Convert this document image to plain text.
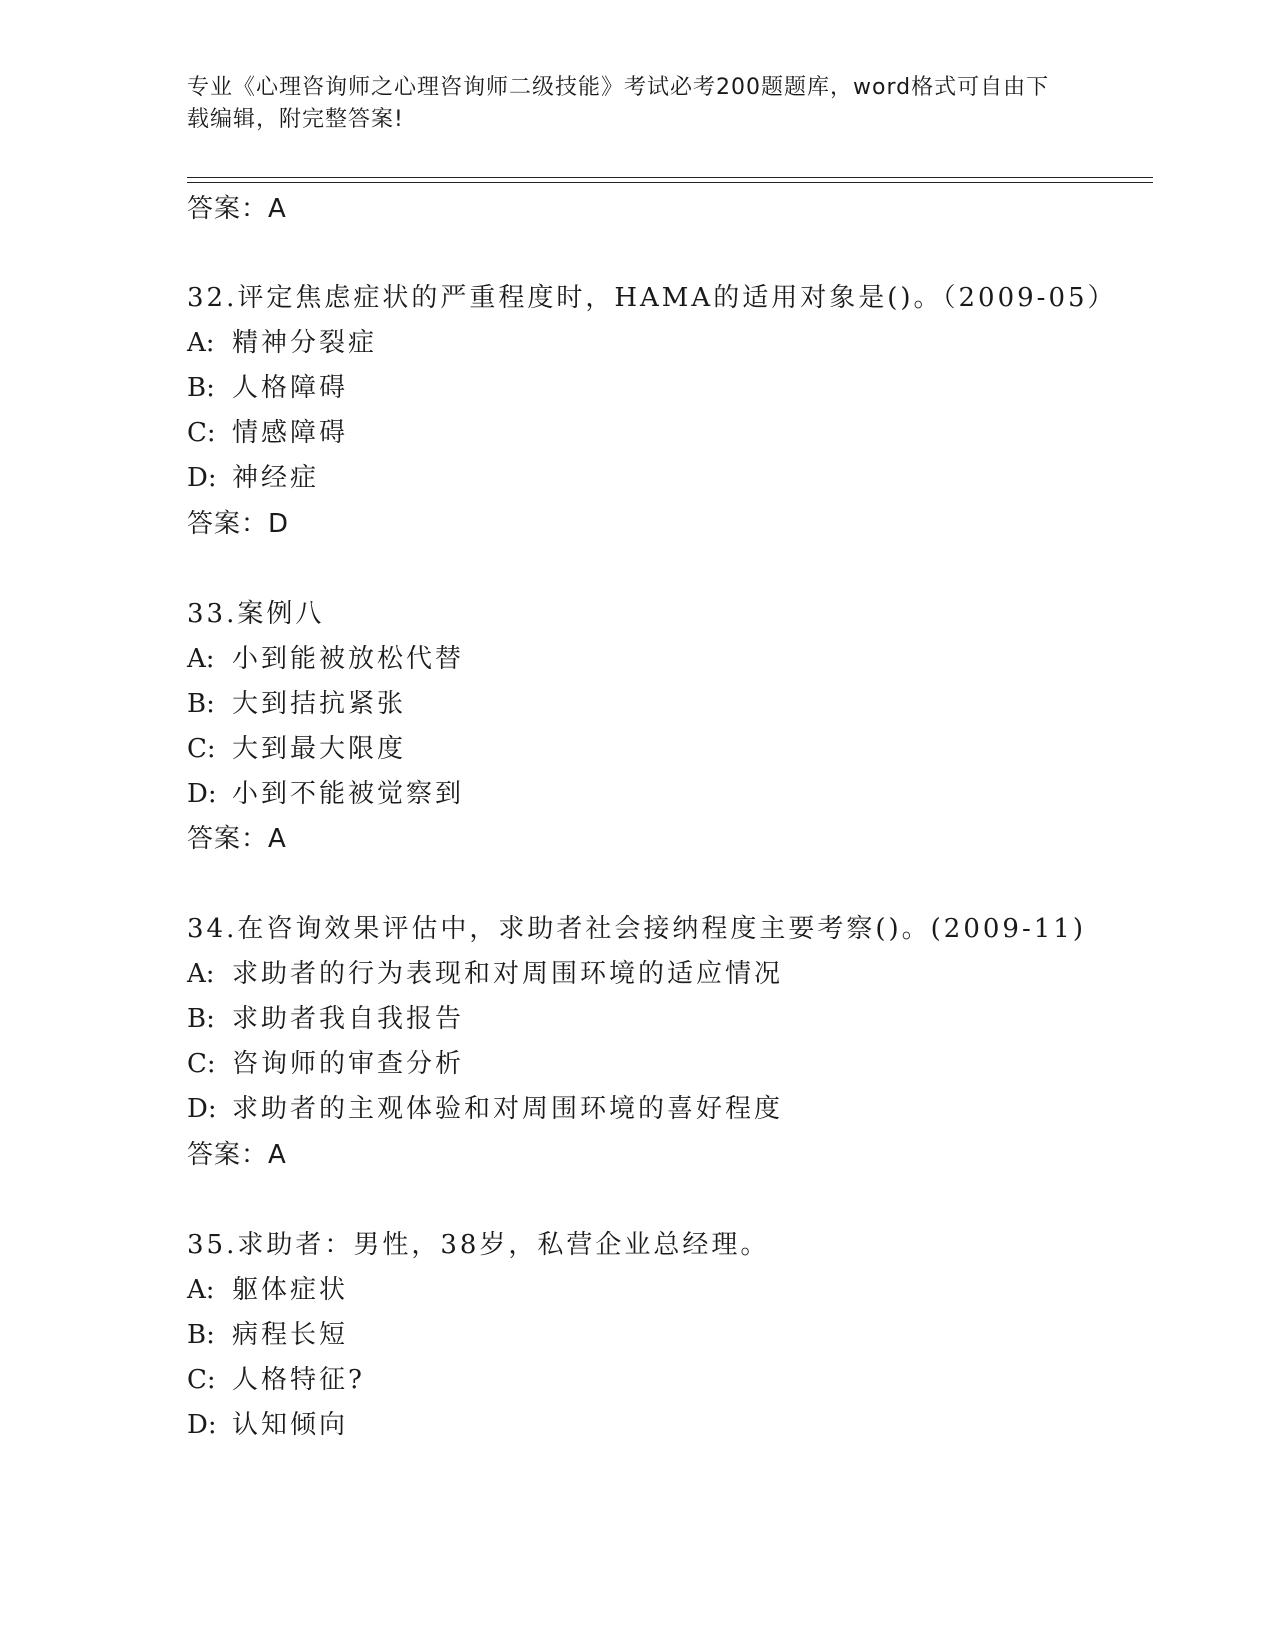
专业《心理咨询师之心理咨询师二级技能》考试必考200题题库，word格式可自由下载编辑，附完整答案!
答案：A
32.评定焦虑症状的严重程度时，HAMA的适用对象是()。（2009-05）
A: 精神分裂症
B: 人格障碍
C: 情感障碍
D: 神经症
答案：D
33.案例八
A: 小到能被放松代替
B: 大到拮抗紧张
C: 大到最大限度
D: 小到不能被觉察到
答案：A
34.在咨询效果评估中，求助者社会接纳程度主要考察()。(2009-11)
A: 求助者的行为表现和对周围环境的适应情况
B: 求助者我自我报告
C: 咨询师的审查分析
D: 求助者的主观体验和对周围环境的喜好程度
答案：A
35.求助者：男性，38岁，私营企业总经理。
A: 躯体症状
B: 病程长短
C: 人格特征?
D: 认知倾向
